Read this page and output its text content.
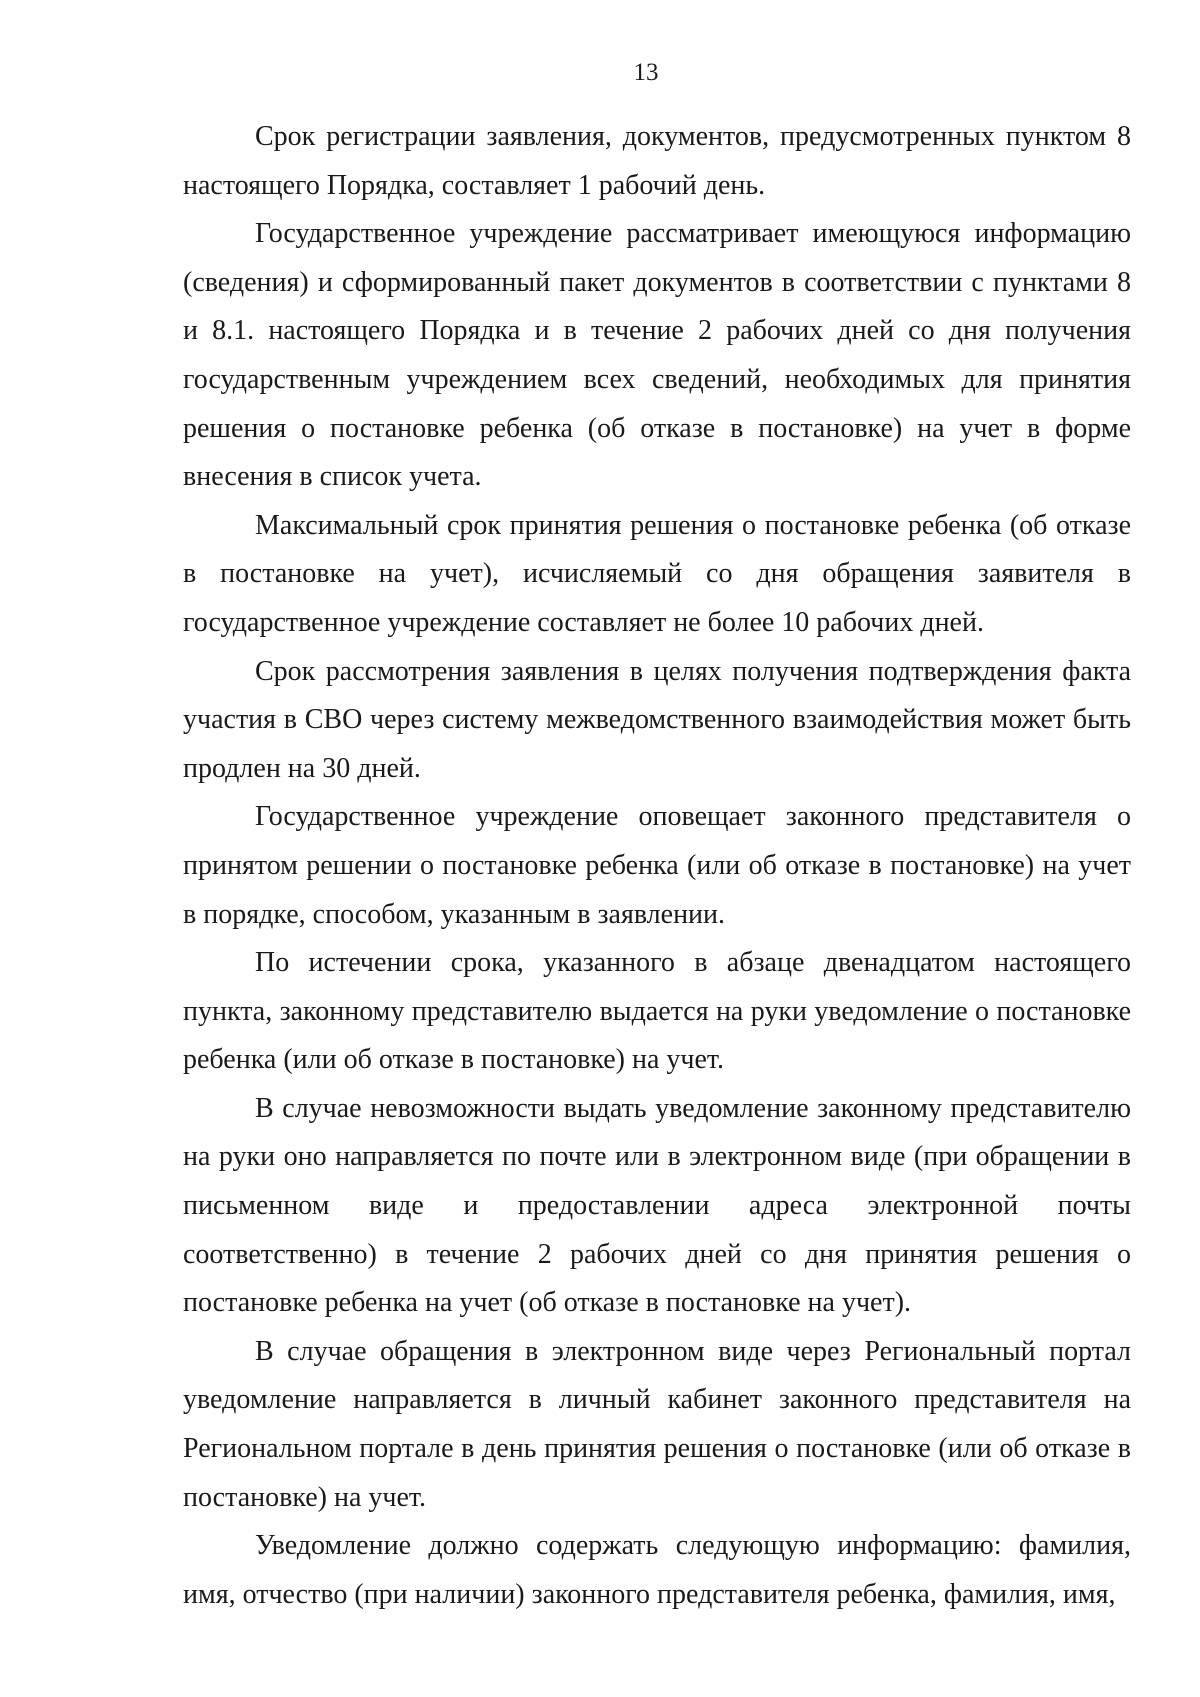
13

Срок регистрации заявления, документов, предусмотренных пунктом 8 настоящего Порядка, составляет 1 рабочий день.

Государственное учреждение рассматривает имеющуюся информацию (сведения) и сформированный пакет документов в соответствии с пунктами 8 и 8.1. настоящего Порядка и в течение 2 рабочих дней со дня получения государственным учреждением всех сведений, необходимых для принятия решения о постановке ребенка (об отказе в постановке) на учет в форме внесения в список учета.

Максимальный срок принятия решения о постановке ребенка (об отказе в постановке на учет), исчисляемый со дня обращения заявителя в государственное учреждение составляет не более 10 рабочих дней.

Срок рассмотрения заявления в целях получения подтверждения факта участия в СВО через систему межведомственного взаимодействия может быть продлен на 30 дней.

Государственное учреждение оповещает законного представителя о принятом решении о постановке ребенка (или об отказе в постановке) на учет в порядке, способом, указанным в заявлении.

По истечении срока, указанного в абзаце двенадцатом настоящего пункта, законному представителю выдается на руки уведомление о постановке ребенка (или об отказе в постановке) на учет.

В случае невозможности выдать уведомление законному представителю на руки оно направляется по почте или в электронном виде (при обращении в письменном виде и предоставлении адреса электронной почты соответственно) в течение 2 рабочих дней со дня принятия решения о постановке ребенка на учет (об отказе в постановке на учет).

В случае обращения в электронном виде через Региональный портал уведомление направляется в личный кабинет законного представителя на Региональном портале в день принятия решения о постановке (или об отказе в постановке) на учет.

Уведомление должно содержать следующую информацию: фамилия, имя, отчество (при наличии) законного представителя ребенка, фамилия, имя,
